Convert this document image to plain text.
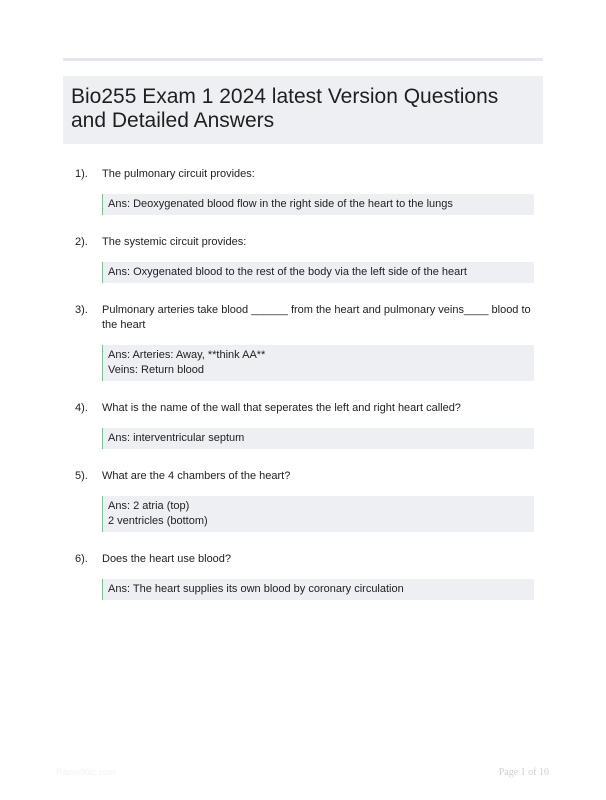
Bio255 Exam 1 2024 latest Version Questions and Detailed Answers
1). The pulmonary circuit provides:
Ans: Deoxygenated blood flow in the right side of the heart to the lungs
2). The systemic circuit provides:
Ans: Oxygenated blood to the rest of the body via the left side of the heart
3). Pulmonary arteries take blood ______ from the heart and pulmonary veins____ blood to the heart
Ans: Arteries: Away, **think AA**
Veins: Return blood
4). What is the name of the wall that seperates the left and right heart called?
Ans: interventricular septum
5). What are the 4 chambers of the heart?
Ans: 2 atria (top)
2 ventricles (bottom)
6). Does the heart use blood?
Ans: The heart supplies its own blood by coronary circulation
Paper9tiic.com	Page 1 of 10
